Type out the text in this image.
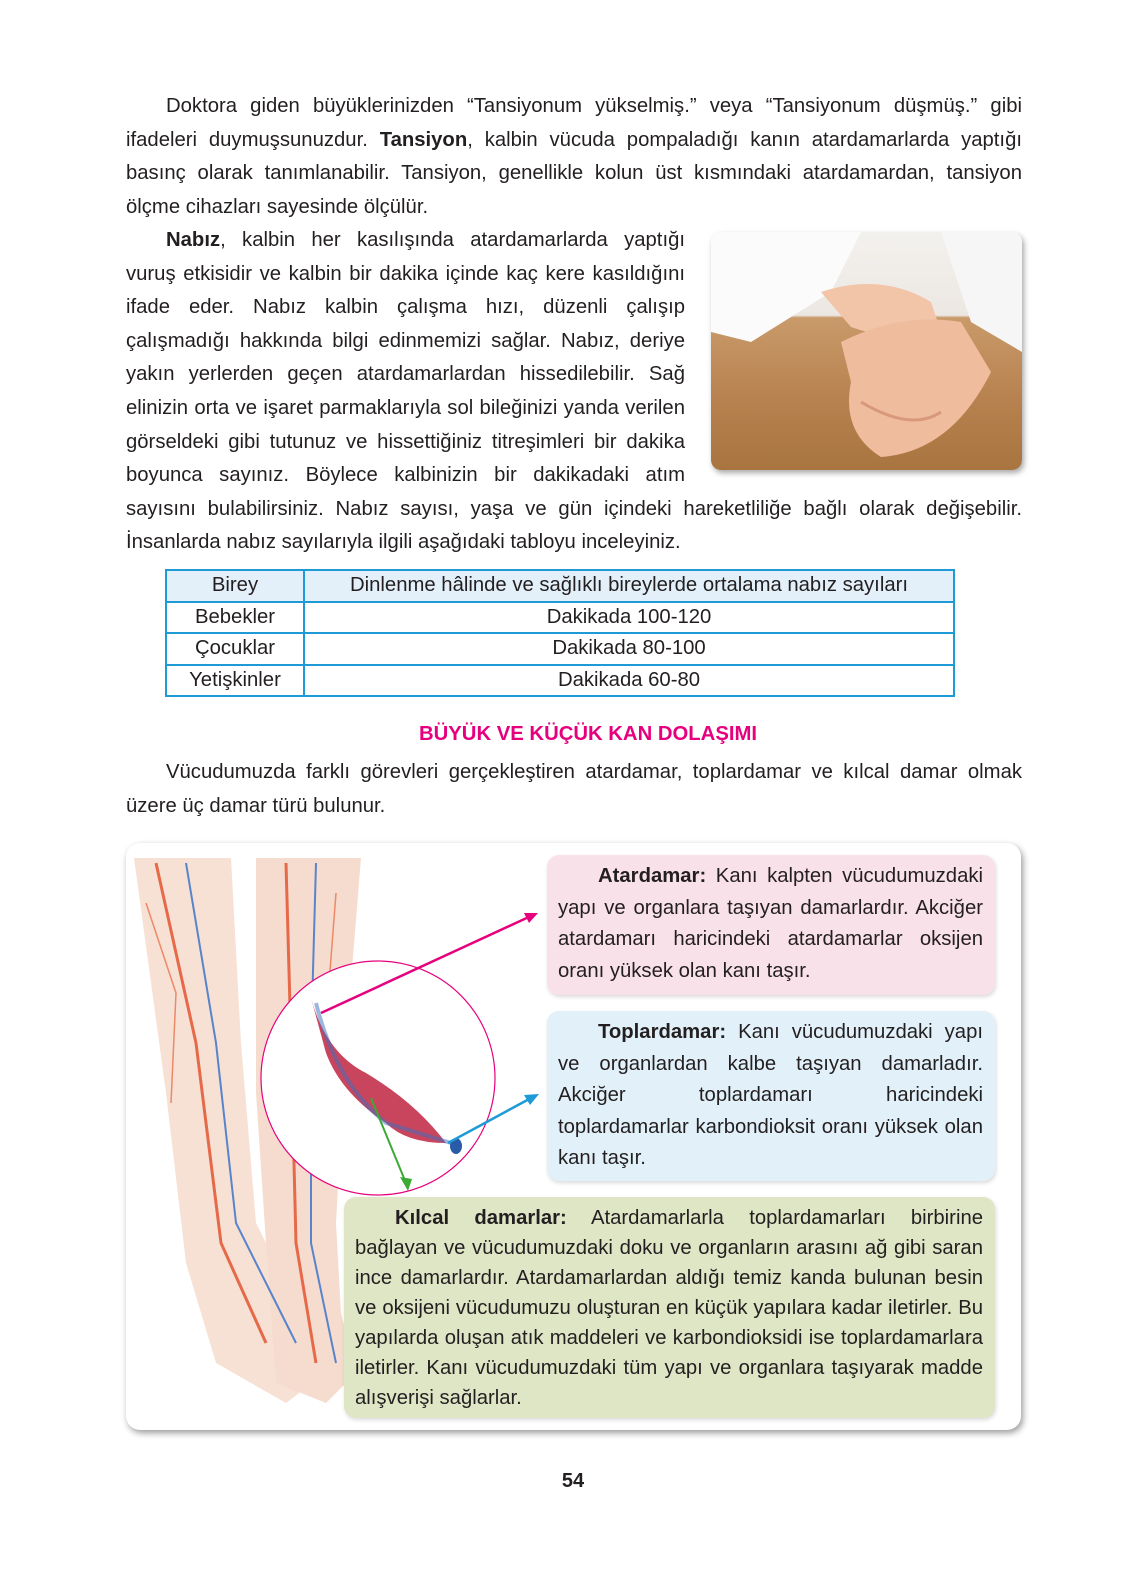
Doktora giden büyüklerinizden “Tansiyonum yükselmiş.” veya “Tansiyonum düşmüş.” gibi ifadeleri duymuşsunuzdur. Tansiyon, kalbin vücuda pompaladığı kanın atardamarlarda yaptığı basınç olarak tanımlanabilir. Tansiyon, genellikle kolun üst kısmındaki atardamardan, tansiyon ölçme cihazları sayesinde ölçülür.

Nabız, kalbin her kasılışında atardamarlarda yaptığı vuruş etkisidir ve kalbin bir dakika içinde kaç kere kasıldığını ifade eder. Nabız kalbin çalışma hızı, düzenli çalışıp çalışmadığı hakkında bilgi edinmemizi sağlar. Nabız, deriye yakın yerlerden geçen atardamarlardan hissedilebilir. Sağ elinizin orta ve işaret parmaklarıyla sol bileğinizi yanda verilen görseldeki gibi tutunuz ve hissettiğiniz titreşimleri bir dakika boyunca sayınız. Böylece kalbinizin bir dakikadaki atım sayısını bulabilirsiniz. Nabız sayısı, yaşa ve gün içindeki hareketliliğe bağlı olarak değişebilir. İnsanlarda nabız sayılarıyla ilgili aşağıdaki tabloyu inceleyiniz.

Birey	Dinlenme hâlinde ve sağlıklı bireylerde ortalama nabız sayıları
Bebekler	Dakikada 100-120
Çocuklar	Dakikada 80-100
Yetişkinler	Dakikada 60-80
BÜYÜK VE KÜÇÜK KAN DOLAŞIMI

Vücudumuzda farklı görevleri gerçekleştiren atardamar, toplardamar ve kılcal damar olmak üzere üç damar türü bulunur.

Atardamar: Kanı kalpten vücudumuzdaki yapı ve organlara taşıyan damarlardır. Akciğer atardamarı haricindeki atardamarlar oksijen oranı yüksek olan kanı taşır.

Toplardamar: Kanı vücudumuzdaki yapı ve organlardan kalbe taşıyan damarladır. Akciğer toplardamarı haricindeki toplardamarlar karbondioksit oranı yüksek olan kanı taşır.

Kılcal damarlar: Atardamarlarla toplardamarları birbirine bağlayan ve vücudumuzdaki doku ve organların arasını ağ gibi saran ince damarlardır. Atardamarlardan aldığı temiz kanda bulunan besin ve oksijeni vücudumuzu oluşturan en küçük yapılara kadar iletirler. Bu yapılarda oluşan atık maddeleri ve karbondioksidi ise toplardamarlara iletirler. Kanı vücudumuzdaki tüm yapı ve organlara taşıyarak madde alışverişi sağlarlar.

54
